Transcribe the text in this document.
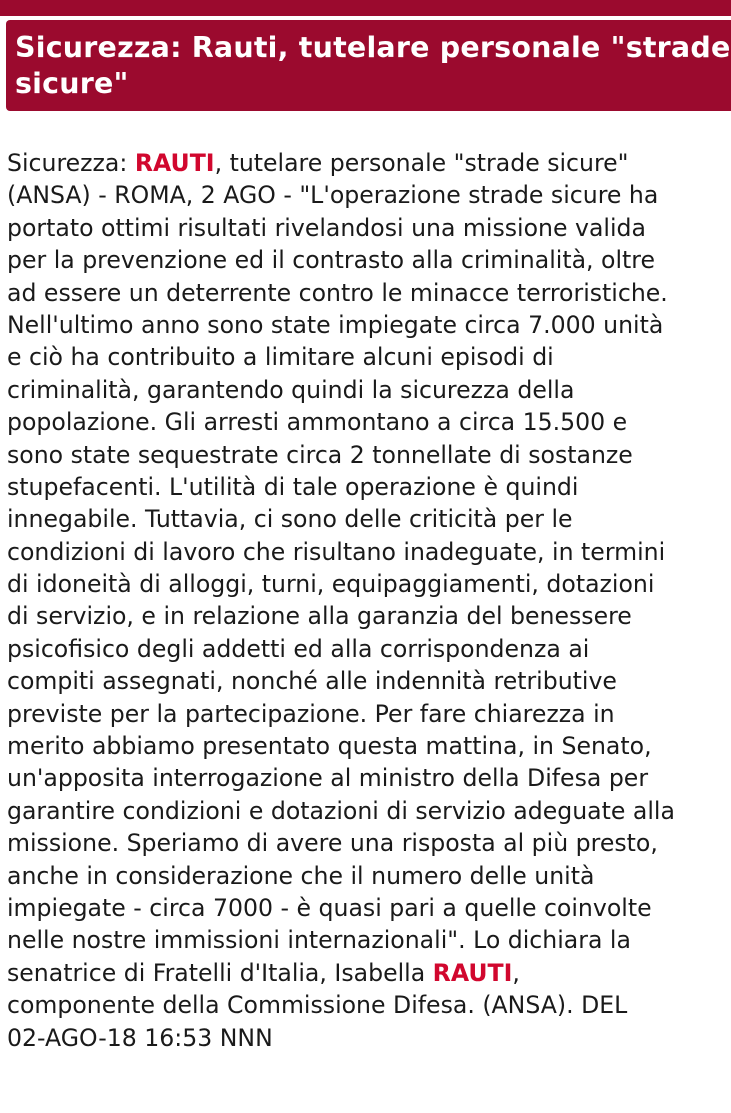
Sicurezza: Rauti, tutelare personale "strade sicure"
Sicurezza: RAUTI, tutelare personale "strade sicure"
(ANSA) - ROMA, 2 AGO - "L'operazione strade sicure ha
portato ottimi risultati rivelandosi una missione valida
per la prevenzione ed il contrasto alla criminalità, oltre
ad essere un deterrente contro le minacce terroristiche.
Nell'ultimo anno sono state impiegate circa 7.000 unità
e ciò ha contribuito a limitare alcuni episodi di
criminalità, garantendo quindi la sicurezza della
popolazione. Gli arresti ammontano a circa 15.500 e
sono state sequestrate circa 2 tonnellate di sostanze
stupefacenti. L'utilità di tale operazione è quindi
innegabile. Tuttavia, ci sono delle criticità per le
condizioni di lavoro che risultano inadeguate, in termini
di idoneità di alloggi, turni, equipaggiamenti, dotazioni
di servizio, e in relazione alla garanzia del benessere
psicofisico degli addetti ed alla corrispondenza ai
compiti assegnati, nonché alle indennità retributive
previste per la partecipazione. Per fare chiarezza in
merito abbiamo presentato questa mattina, in Senato,
un'apposita interrogazione al ministro della Difesa per
garantire condizioni e dotazioni di servizio adeguate alla
missione. Speriamo di avere una risposta al più presto,
anche in considerazione che il numero delle unità
impiegate - circa 7000 - è quasi pari a quelle coinvolte
nelle nostre immissioni internazionali". Lo dichiara la
senatrice di Fratelli d'Italia, Isabella RAUTI,
componente della Commissione Difesa. (ANSA). DEL
02-AGO-18 16:53 NNN
